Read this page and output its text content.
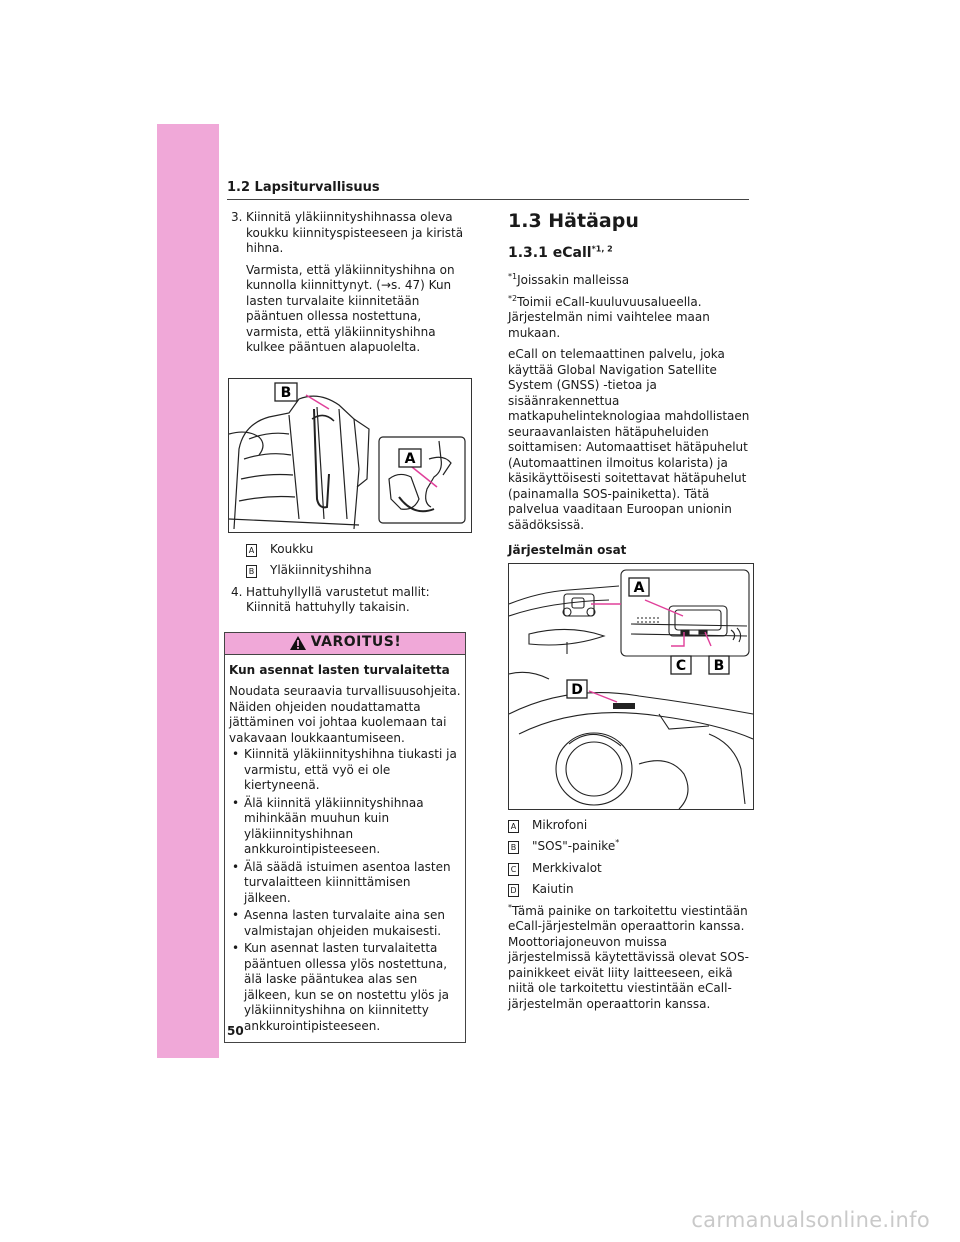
1.2 Lapsiturvallisuus
3. Kiinnitä yläkiinnityshihnassa oleva koukku kiinnityspisteeseen ja kiristä hihna.

Varmista, että yläkiinnityshihna on kunnolla kiinnittynyt. (→s. 47) Kun lasten turvalaite kiinnitetään pääntuen ollessa nostettuna, varmista, että yläkiinnityshihna kulkee pääntuen alapuolelta.

B
A
A Koukku
B Yläkiinnityshihna
4. Hattuhyllyllä varustetut mallit: Kiinnitä hattuhylly takaisin.

VAROITUS!

Kun asennat lasten turvalaitetta

Noudata seuraavia turvallisuusohjeita. Näiden ohjeiden noudattamatta jättäminen voi johtaa kuolemaan tai vakavaan loukkaantumiseen.

• Kiinnitä yläkiinnityshihna tiukasti ja varmistu, että vyö ei ole kiertyneenä.
• Älä kiinnitä yläkiinnityshihnaa mihinkään muuhun kuin yläkiinnityshihnan ankkurointipisteeseen.
• Älä säädä istuimen asentoa lasten turvalaitteen kiinnittämisen jälkeen.
• Asenna lasten turvalaite aina sen valmistajan ohjeiden mukaisesti.
• Kun asennat lasten turvalaitetta pääntuen ollessa ylös nostettuna, älä laske pääntukea alas sen jälkeen, kun se on nostettu ylös ja yläkiinnityshihna on kiinnitetty ankkurointipisteeseen.
1.3 Hätäapu
1.3.1 eCall$^{*1, 2}$

$^{*1}$Joissakin malleissa

$^{*2}$Toimii eCall-kuuluvuusalueella. Järjestelmän nimi vaihtelee maan mukaan.

eCall on telemaattinen palvelu, joka käyttää Global Navigation Satellite System (GNSS) -tietoa ja sisäänrakennettua matkapuhelinteknologiaa mahdollistaen seuraavanlaisten hätäpuheluiden soittamisen: Automaattiset hätäpuhelut (Automaattinen ilmoitus kolarista) ja käsikäyttöisesti soitettavat hätäpuhelut (painamalla SOS-painiketta). Tätä palvelua vaaditaan Euroopan unionin säädöksissä.

Järjestelmän osat

A
C B
D
A Mikrofoni
B "SOS"-painike*
C Merkkivalot
D Kaiutin

*Tämä painike on tarkoitettu viestintään eCall-järjestelmän operaattorin kanssa. Moottoriajoneuvon muissa järjestelmissä käytettävissä olevat SOS-painikkeet eivät liity laitteeseen, eikä niitä ole tarkoitettu viestintään eCall-järjestelmän operaattorin kanssa.

50
carmanualsonline.info
